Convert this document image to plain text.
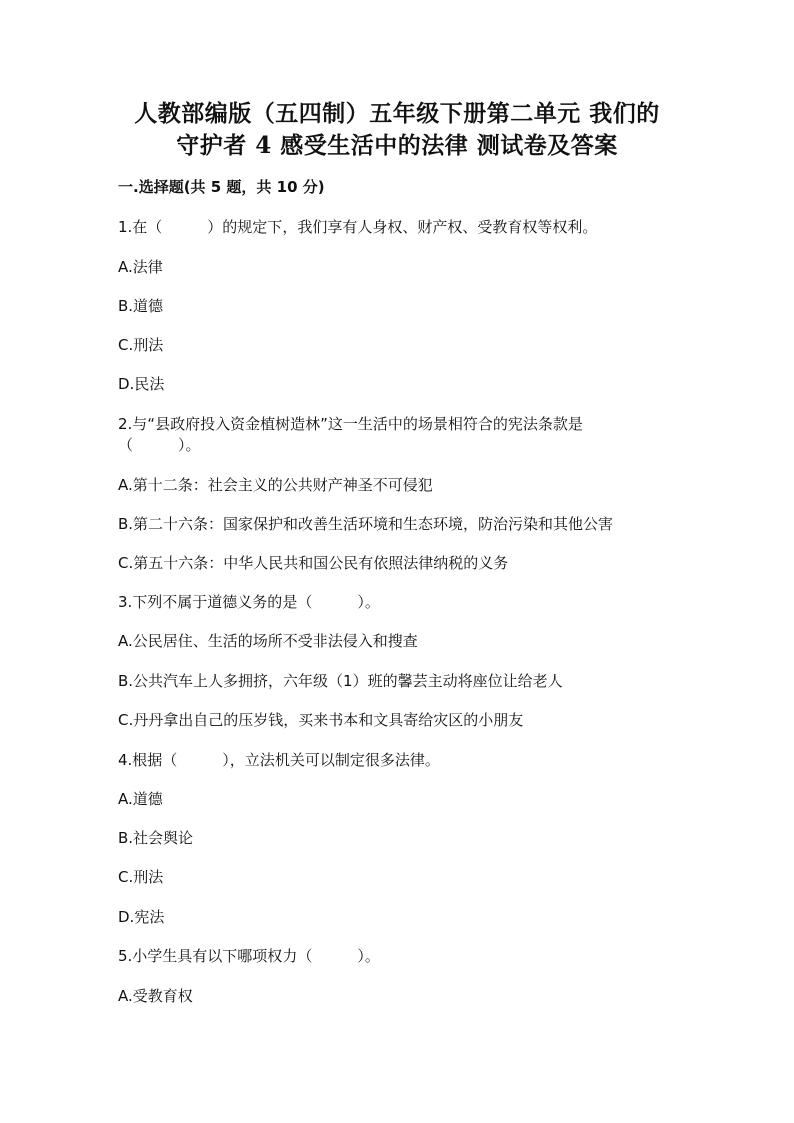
人教部编版（五四制）五年级下册第二单元 我们的
守护者 4 感受生活中的法律 测试卷及答案
一.选择题(共 5 题，共 10 分)
1.在（　　　）的规定下，我们享有人身权、财产权、受教育权等权利。
A.法律
B.道德
C.刑法
D.民法
2.与“县政府投入资金植树造林”这一生活中的场景相符合的宪法条款是
（　　　）。
A.第十二条：社会主义的公共财产神圣不可侵犯
B.第二十六条：国家保护和改善生活环境和生态环境，防治污染和其他公害
C.第五十六条：中华人民共和国公民有依照法律纳税的义务
3.下列不属于道德义务的是（　　　）。
A.公民居住、生活的场所不受非法侵入和搜查
B.公共汽车上人多拥挤，六年级（1）班的馨芸主动将座位让给老人
C.丹丹拿出自己的压岁钱，买来书本和文具寄给灾区的小朋友
4.根据（　　　），立法机关可以制定很多法律。
A.道德
B.社会舆论
C.刑法
D.宪法
5.小学生具有以下哪项权力（　　　）。
A.受教育权
